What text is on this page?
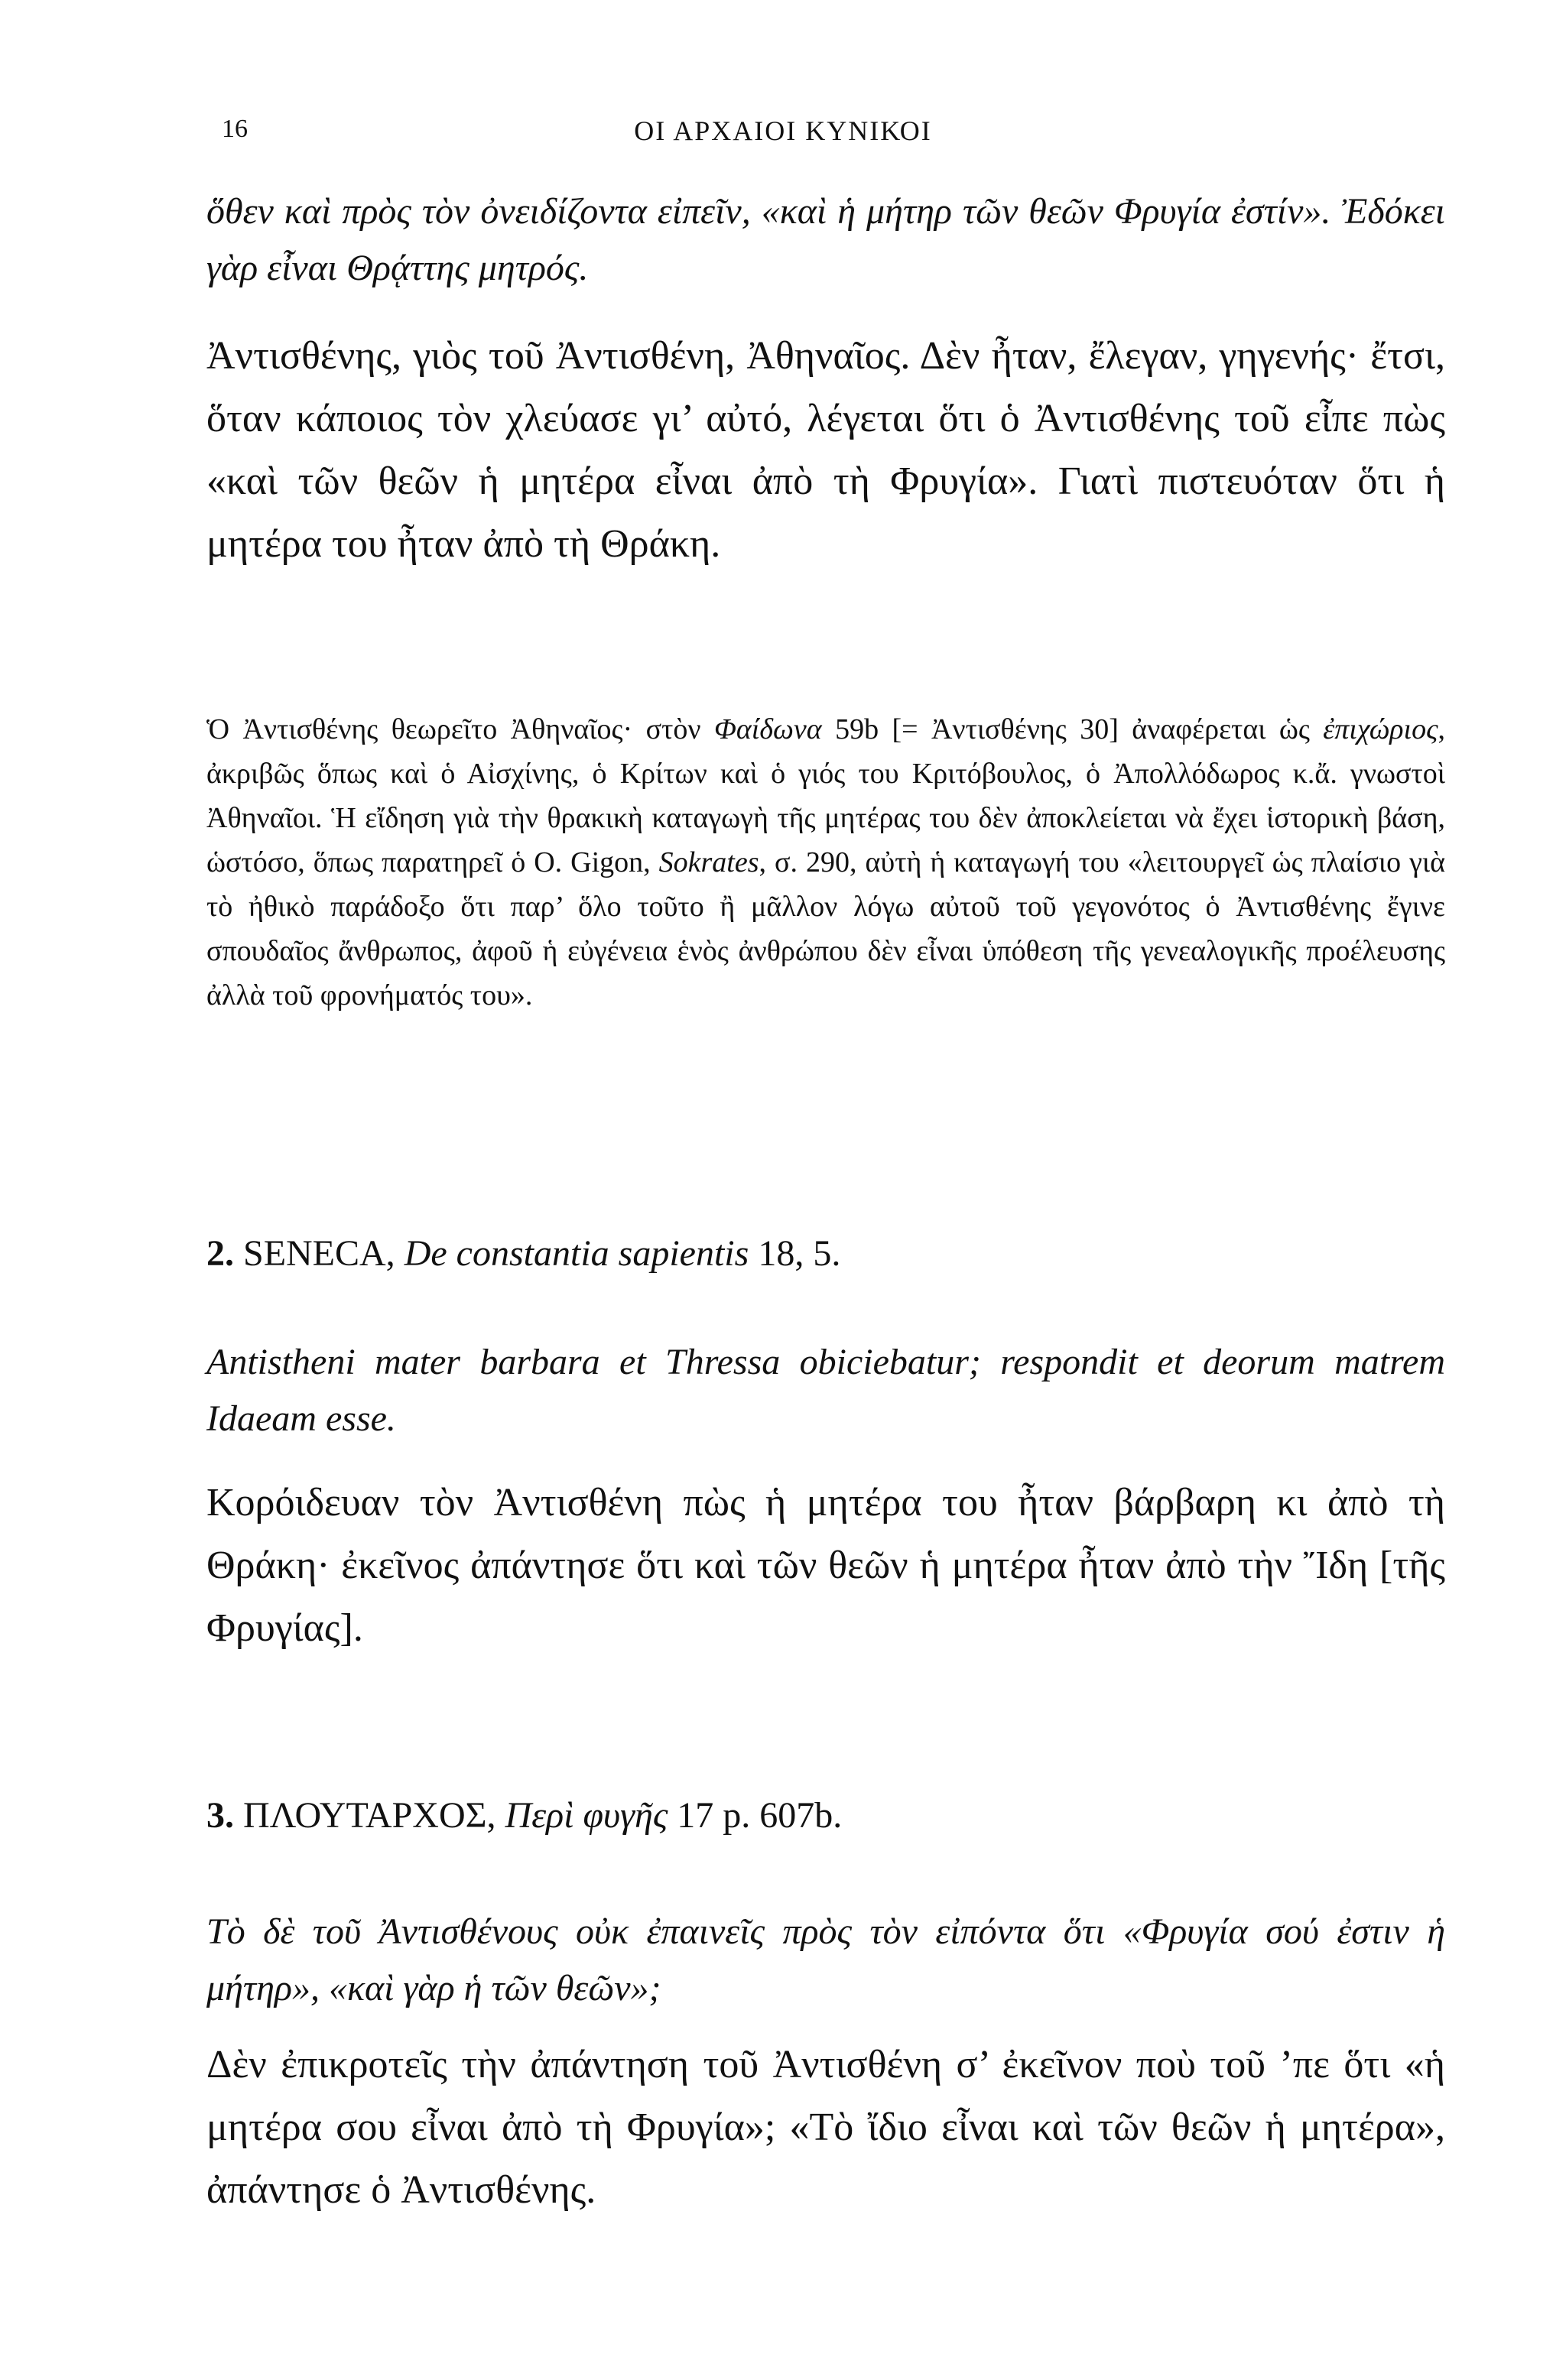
16	ΟΙ ΑΡΧΑΙΟΙ ΚΥΝΙΚΟΙ
ὅθεν καὶ πρὸς τὸν ὀνειδίζοντα εἰπεῖν, «καὶ ἡ μήτηρ τῶν θεῶν Φρυγία ἐστίν». Ἐδόκει γὰρ εἶναι Θρᾴττης μητρός.
Ἀντισθένης, γιὸς τοῦ Ἀντισθένη, Ἀθηναῖος. Δὲν ἦταν, ἔλεγαν, γηγενής· ἔτσι, ὅταν κάποιος τὸν χλεύασε γι’ αὐτό, λέγεται ὅτι ὁ Ἀντισθένης τοῦ εἶπε πὼς «καὶ τῶν θεῶν ἡ μητέρα εἶναι ἀπὸ τὴ Φρυγία». Γιατὶ πιστευόταν ὅτι ἡ μητέρα του ἦταν ἀπὸ τὴ Θράκη.
Ὁ Ἀντισθένης θεωρεῖτο Ἀθηναῖος· στὸν Φαίδωνα 59b [= Ἀντισθένης 30] ἀναφέρεται ὡς ἐπιχώριος, ἀκριβῶς ὅπως καὶ ὁ Αἰσχίνης, ὁ Κρίτων καὶ ὁ γιός του Κριτόβουλος, ὁ Ἀπολλόδωρος κ.ἄ. γνωστοὶ Ἀθηναῖοι. Ἡ εἴδηση γιὰ τὴν θρακικὴ καταγωγὴ τῆς μητέρας του δὲν ἀποκλείεται νὰ ἔχει ἱστορικὴ βάση, ὡστόσο, ὅπως παρατηρεῖ ὁ O. Gigon, Sokrates, σ. 290, αὐτὴ ἡ καταγωγή του «λειτουργεῖ ὡς πλαίσιο γιὰ τὸ ἠθικὸ παράδοξο ὅτι παρ’ ὅλο τοῦτο ἢ μᾶλλον λόγω αὐτοῦ τοῦ γεγονότος ὁ Ἀντισθένης ἔγινε σπουδαῖος ἄνθρωπος, ἀφοῦ ἡ εὐγένεια ἑνὸς ἀνθρώπου δὲν εἶναι ὑπόθεση τῆς γενεαλογικῆς προέλευσης ἀλλὰ τοῦ φρονήματός του».
2. SENECA, De constantia sapientis 18, 5.
Antistheni mater barbara et Thressa obiciebatur; respondit et deorum matrem Idaeam esse.
Κορόιδευαν τὸν Ἀντισθένη πὼς ἡ μητέρα του ἦταν βάρβαρη κι ἀπὸ τὴ Θράκη· ἐκεῖνος ἀπάντησε ὅτι καὶ τῶν θεῶν ἡ μητέρα ἦταν ἀπὸ τὴν Ἴδη [τῆς Φρυγίας].
3. ΠΛΟΥΤΑΡΧΟΣ, Περὶ φυγῆς 17 p. 607b.
Τὸ δὲ τοῦ Ἀντισθένους οὐκ ἐπαινεῖς πρὸς τὸν εἰπόντα ὅτι «Φρυγία σού ἐστιν ἡ μήτηρ», «καὶ γὰρ ἡ τῶν θεῶν»;
Δὲν ἐπικροτεῖς τὴν ἀπάντηση τοῦ Ἀντισθένη σ’ ἐκεῖνον ποὺ τοῦ ’πε ὅτι «ἡ μητέρα σου εἶναι ἀπὸ τὴ Φρυγία»; «Τὸ ἴδιο εἶναι καὶ τῶν θεῶν ἡ μητέρα», ἀπάντησε ὁ Ἀντισθένης.
